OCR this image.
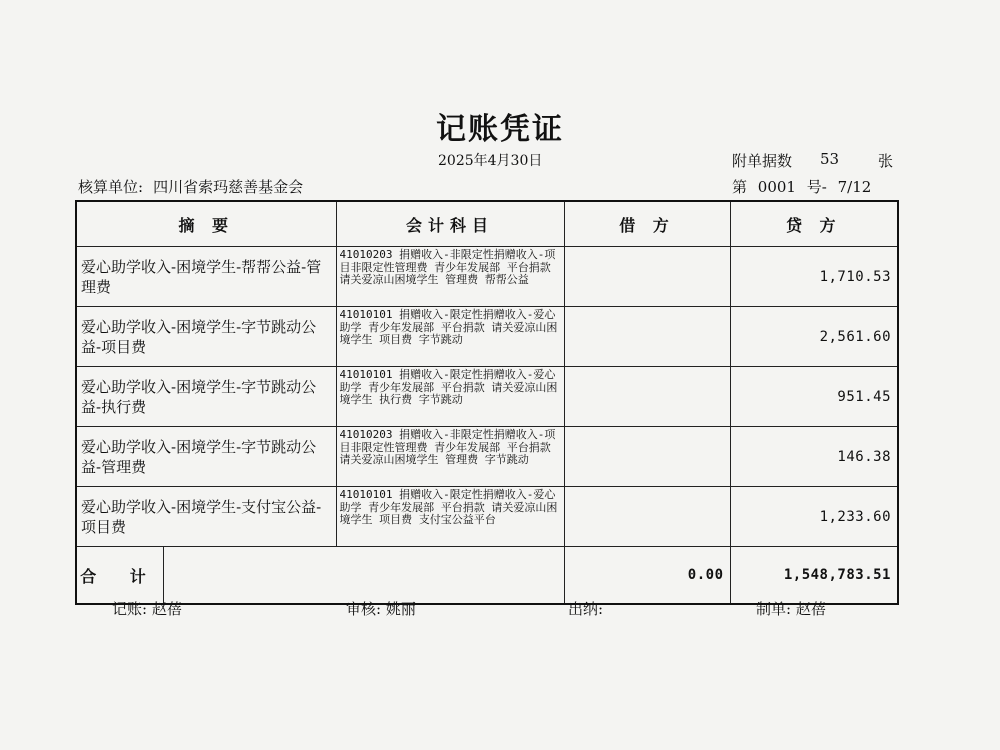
记账凭证
2025年4月30日	附单据数 53	张
核算单位: 四川省索玛慈善基金会	第 0001 号- 7/12
摘 要	会计科目	借 方	贷 方
爱心助学收入-困境学生-帮帮公益-管理费	41010203 捐赠收入-非限定性捐赠收入-项目非限定性管理费 青少年发展部 平台捐款 请关爱凉山困境学生 管理费 帮帮公益		1,710.53
爱心助学收入-困境学生-字节跳动公益-项目费	41010101 捐赠收入-限定性捐赠收入-爱心助学 青少年发展部 平台捐款 请关爱凉山困境学生 项目费 字节跳动		2,561.60
爱心助学收入-困境学生-字节跳动公益-执行费	41010101 捐赠收入-限定性捐赠收入-爱心助学 青少年发展部 平台捐款 请关爱凉山困境学生 执行费 字节跳动		951.45
爱心助学收入-困境学生-字节跳动公益-管理费	41010203 捐赠收入-非限定性捐赠收入-项目非限定性管理费 青少年发展部 平台捐款 请关爱凉山困境学生 管理费 字节跳动		146.38
爱心助学收入-困境学生-支付宝公益-项目费	41010101 捐赠收入-限定性捐赠收入-爱心助学 青少年发展部 平台捐款 请关爱凉山困境学生 项目费 支付宝公益平台		1,233.60

合 计		0.00	1,548,783.51
记账: 赵蓓	审核: 姚丽	出纳:	制单: 赵蓓
